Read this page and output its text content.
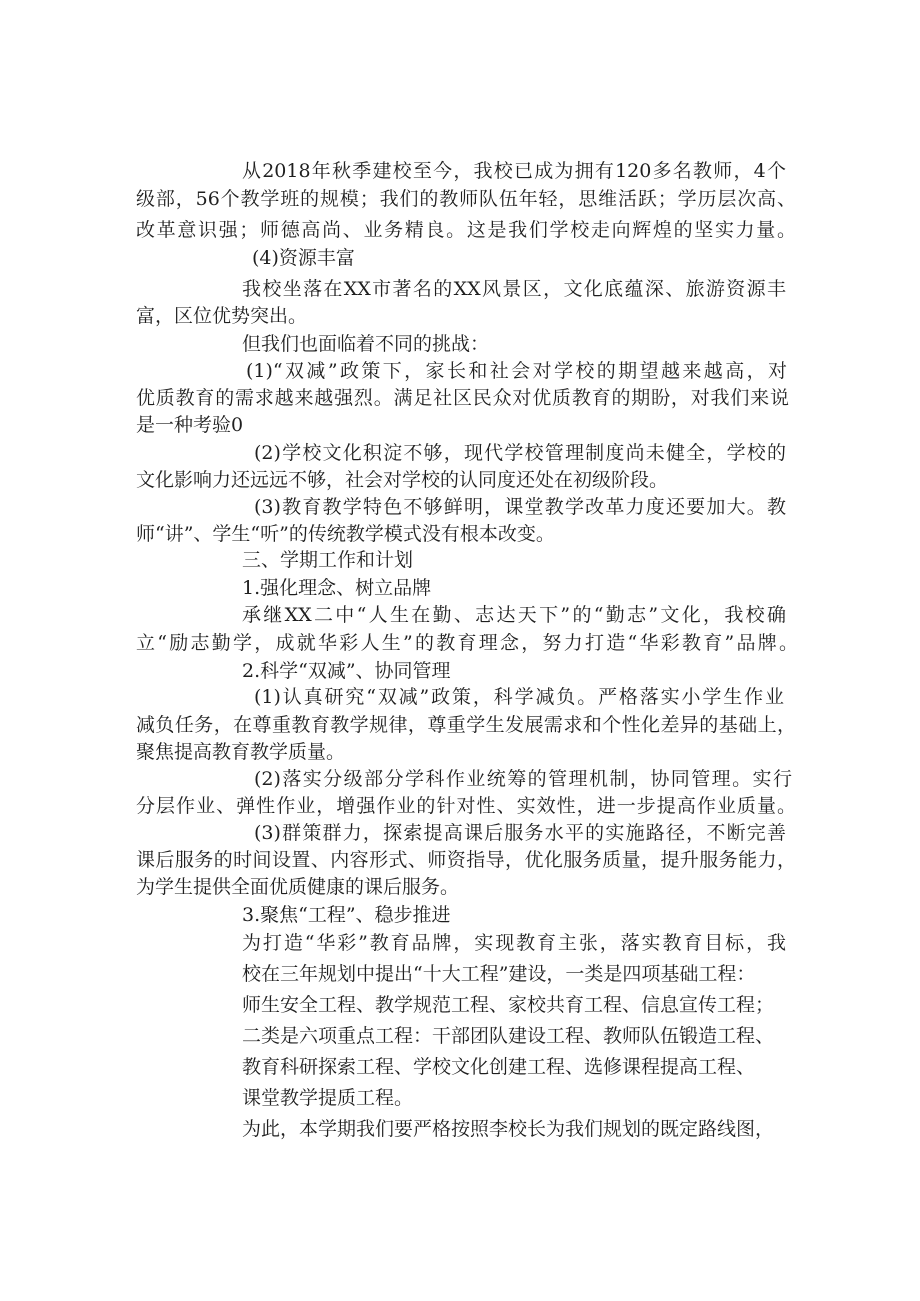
从2018年秋季建校至今，我校已成为拥有120多名教师，4个

级部，56个教学班的规模；我们的教师队伍年轻，思维活跃；学历层次高、

改革意识强；师德高尚、业务精良。这是我们学校走向辉煌的坚实力量。

(4)资源丰富

我校坐落在XX市著名的XX风景区，文化底蕴深、旅游资源丰

富，区位优势突出。

但我们也面临着不同的挑战：

(1)“双减”政策下，家长和社会对学校的期望越来越高，对

优质教育的需求越来越强烈。满足社区民众对优质教育的期盼，对我们来说

是一种考验0

(2)学校文化积淀不够，现代学校管理制度尚未健全，学校的

文化影响力还远远不够，社会对学校的认同度还处在初级阶段。

(3)教育教学特色不够鲜明，课堂教学改革力度还要加大。教

师“讲”、学生“听”的传统教学模式没有根本改变。

三、学期工作和计划

1.强化理念、树立品牌

承继XX二中“人生在勤、志达天下”的“勤志”文化，我校确

立“励志勤学，成就华彩人生”的教育理念，努力打造“华彩教育”品牌。

2.科学“双减”、协同管理

(1)认真研究“双减”政策，科学减负。严格落实小学生作业

减负任务，在尊重教育教学规律，尊重学生发展需求和个性化差异的基础上，

聚焦提高教育教学质量。

(2)落实分级部分学科作业统筹的管理机制，协同管理。实行

分层作业、弹性作业，增强作业的针对性、实效性，进一步提高作业质量。

(3)群策群力，探索提高课后服务水平的实施路径，不断完善

课后服务的时间设置、内容形式、师资指导，优化服务质量，提升服务能力，

为学生提供全面优质健康的课后服务。

3.聚焦“工程”、稳步推进

为打造“华彩”教育品牌，实现教育主张，落实教育目标，我

校在三年规划中提出“十大工程”建设，一类是四项基础工程：

师生安全工程、教学规范工程、家校共育工程、信息宣传工程；

二类是六项重点工程：干部团队建设工程、教师队伍锻造工程、

教育科研探索工程、学校文化创建工程、选修课程提高工程、

课堂教学提质工程。

为此，本学期我们要严格按照李校长为我们规划的既定路线图，
